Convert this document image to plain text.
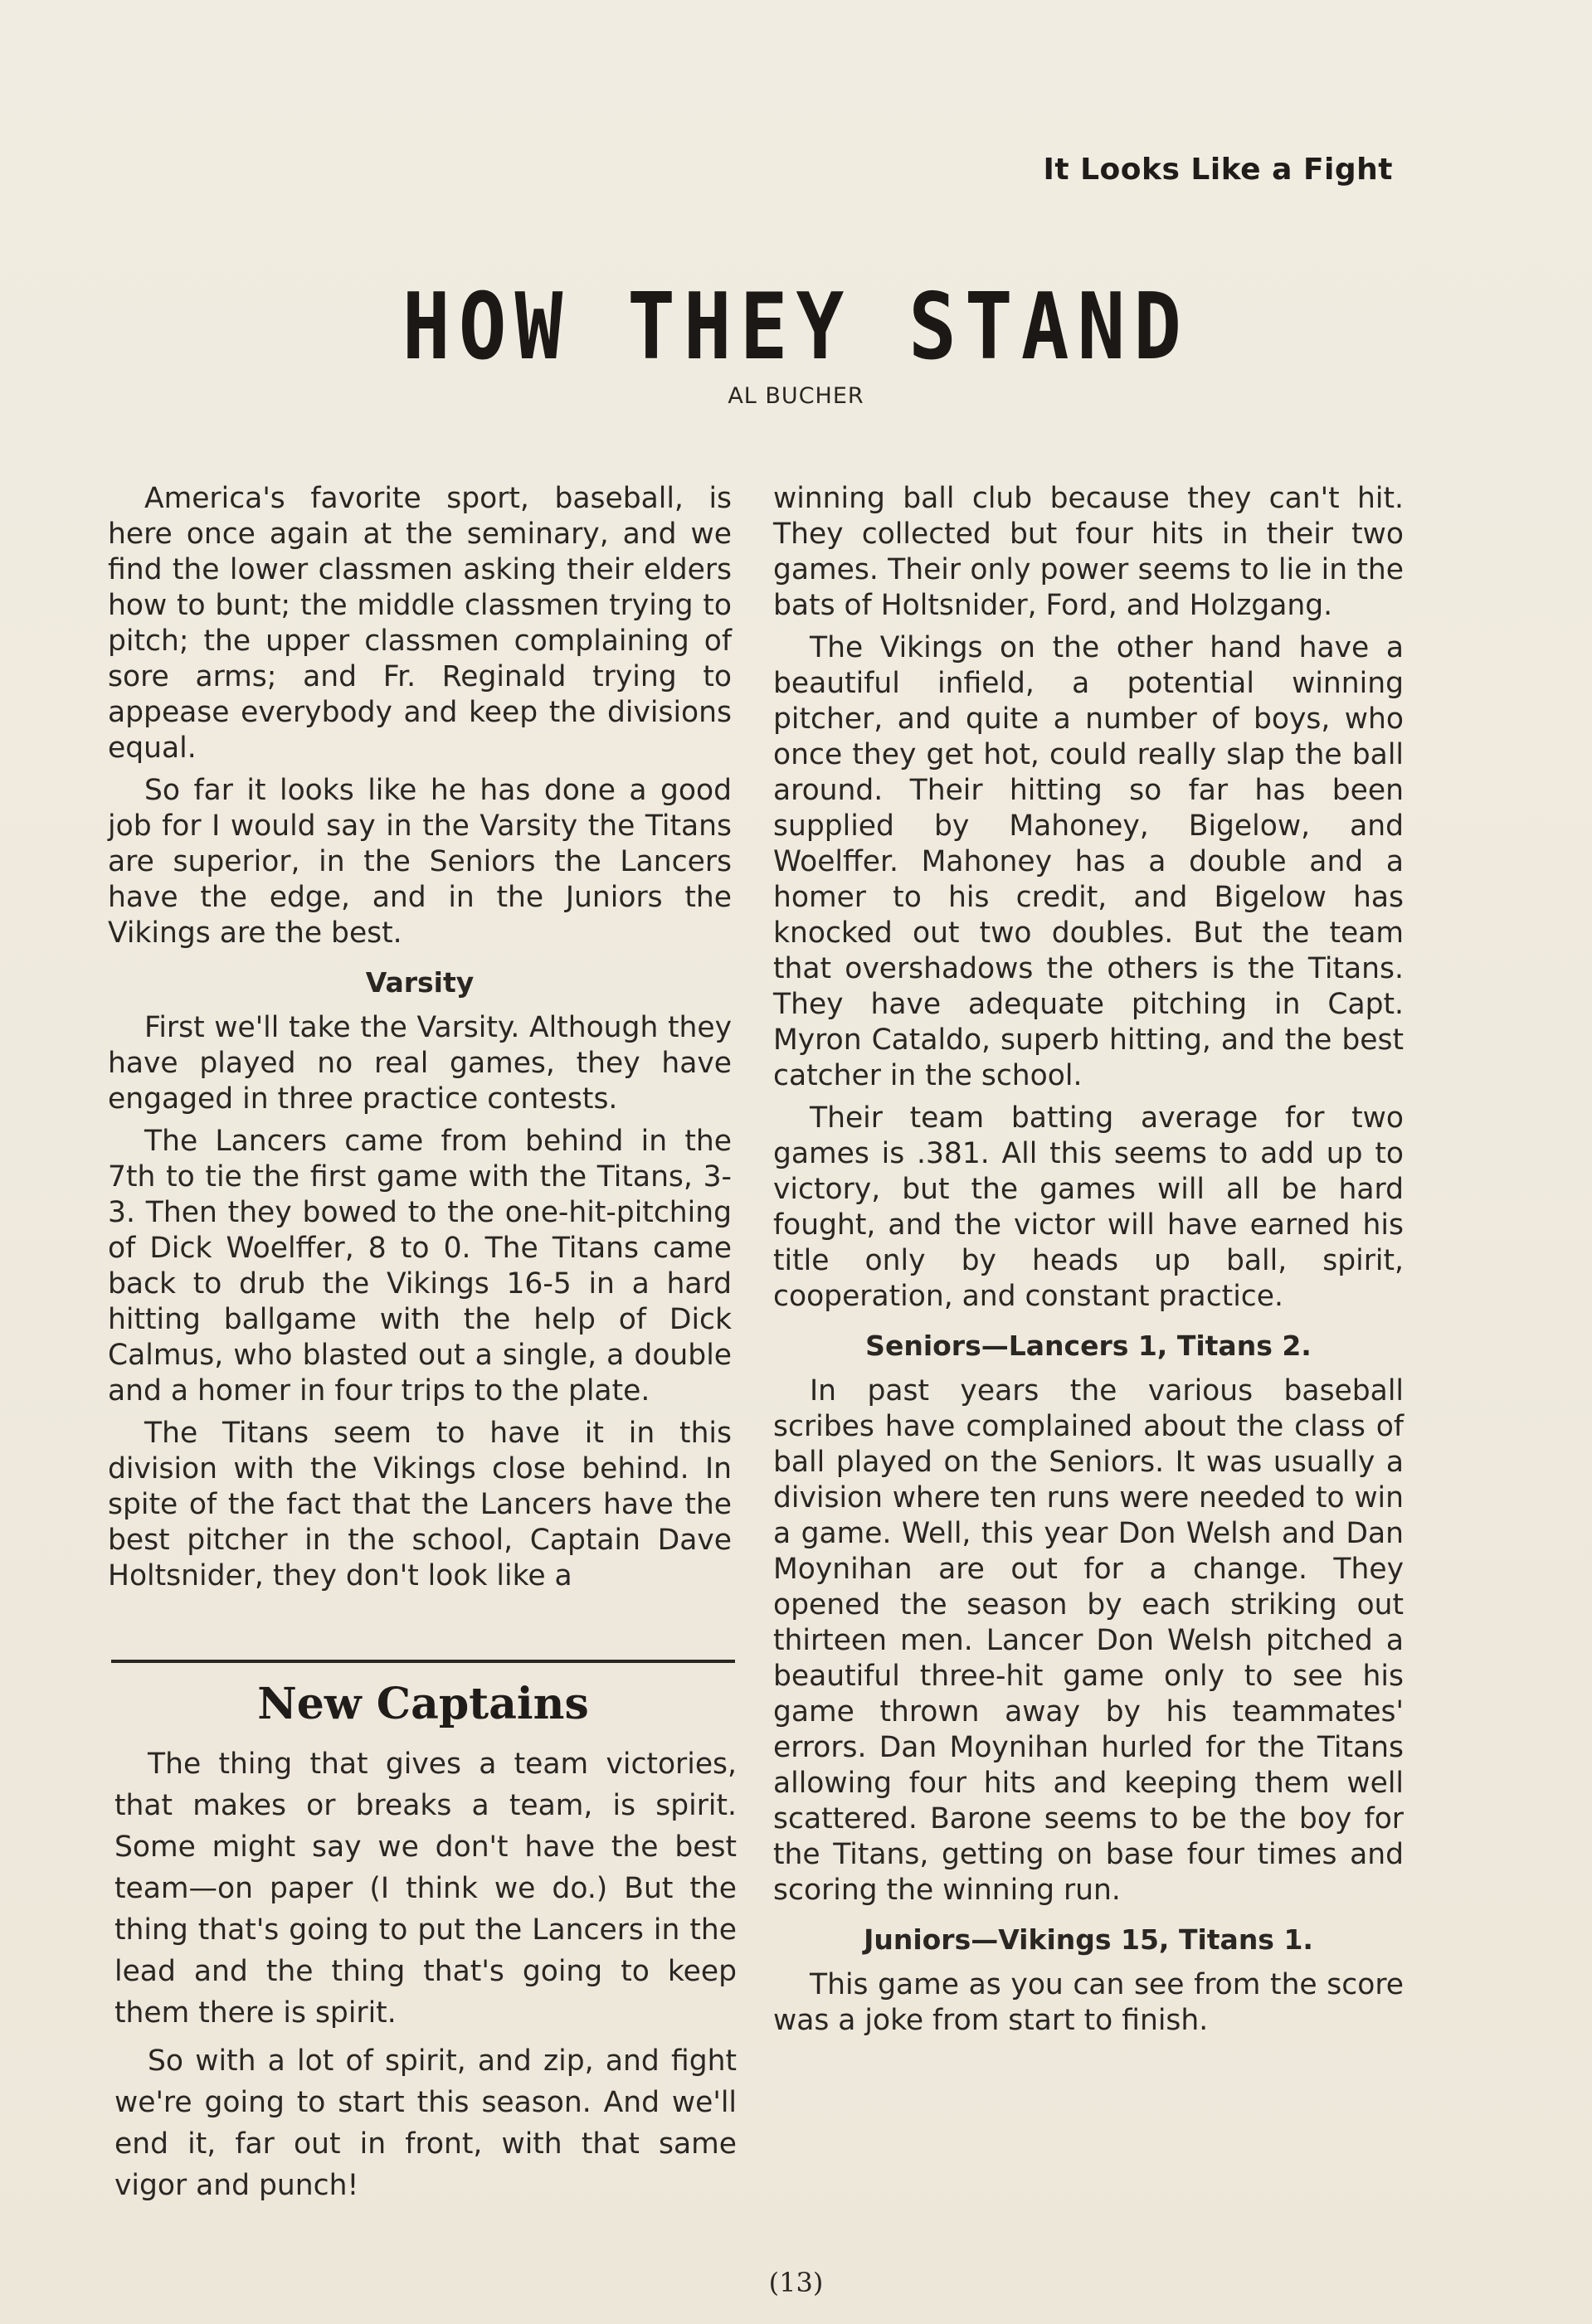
It Looks Like a Fight
HOW THEY STAND
AL BUCHER

America's favorite sport, baseball, is here once again at the seminary, and we find the lower classmen asking their elders how to bunt; the middle classmen trying to pitch; the upper classmen complaining of sore arms; and Fr. Reginald trying to appease everybody and keep the divisions equal.

So far it looks like he has done a good job for I would say in the Varsity the Titans are superior, in the Seniors the Lancers have the edge, and in the Juniors the Vikings are the best.

Varsity

First we'll take the Varsity. Although they have played no real games, they have engaged in three practice contests.

The Lancers came from behind in the 7th to tie the first game with the Titans, 3-3. Then they bowed to the one-hit-pitching of Dick Woelffer, 8 to 0. The Titans came back to drub the Vikings 16-5 in a hard hitting ballgame with the help of Dick Calmus, who blasted out a single, a double and a homer in four trips to the plate.

The Titans seem to have it in this division with the Vikings close behind. In spite of the fact that the Lancers have the best pitcher in the school, Captain Dave Holtsnider, they don't look like a

New Captains

The thing that gives a team victories, that makes or breaks a team, is spirit. Some might say we don't have the best team—on paper (I think we do.) But the thing that's going to put the Lancers in the lead and the thing that's going to keep them there is spirit.

So with a lot of spirit, and zip, and fight we're going to start this season. And we'll end it, far out in front, with that same vigor and punch!

winning ball club because they can't hit. They collected but four hits in their two games. Their only power seems to lie in the bats of Holtsnider, Ford, and Holzgang.

The Vikings on the other hand have a beautiful infield, a potential winning pitcher, and quite a number of boys, who once they get hot, could really slap the ball around. Their hitting so far has been supplied by Mahoney, Bigelow, and Woelffer. Mahoney has a double and a homer to his credit, and Bigelow has knocked out two doubles. But the team that overshadows the others is the Titans. They have adequate pitching in Capt. Myron Cataldo, superb hitting, and the best catcher in the school.

Their team batting average for two games is .381. All this seems to add up to victory, but the games will all be hard fought, and the victor will have earned his title only by heads up ball, spirit, cooperation, and constant practice.

Seniors—Lancers 1, Titans 2.

In past years the various baseball scribes have complained about the class of ball played on the Seniors. It was usually a division where ten runs were needed to win a game. Well, this year Don Welsh and Dan Moynihan are out for a change. They opened the season by each striking out thirteen men. Lancer Don Welsh pitched a beautiful three-hit game only to see his game thrown away by his teammates' errors. Dan Moynihan hurled for the Titans allowing four hits and keeping them well scattered. Barone seems to be the boy for the Titans, getting on base four times and scoring the winning run.

Juniors—Vikings 15, Titans 1.

This game as you can see from the score was a joke from start to finish.

(13)
